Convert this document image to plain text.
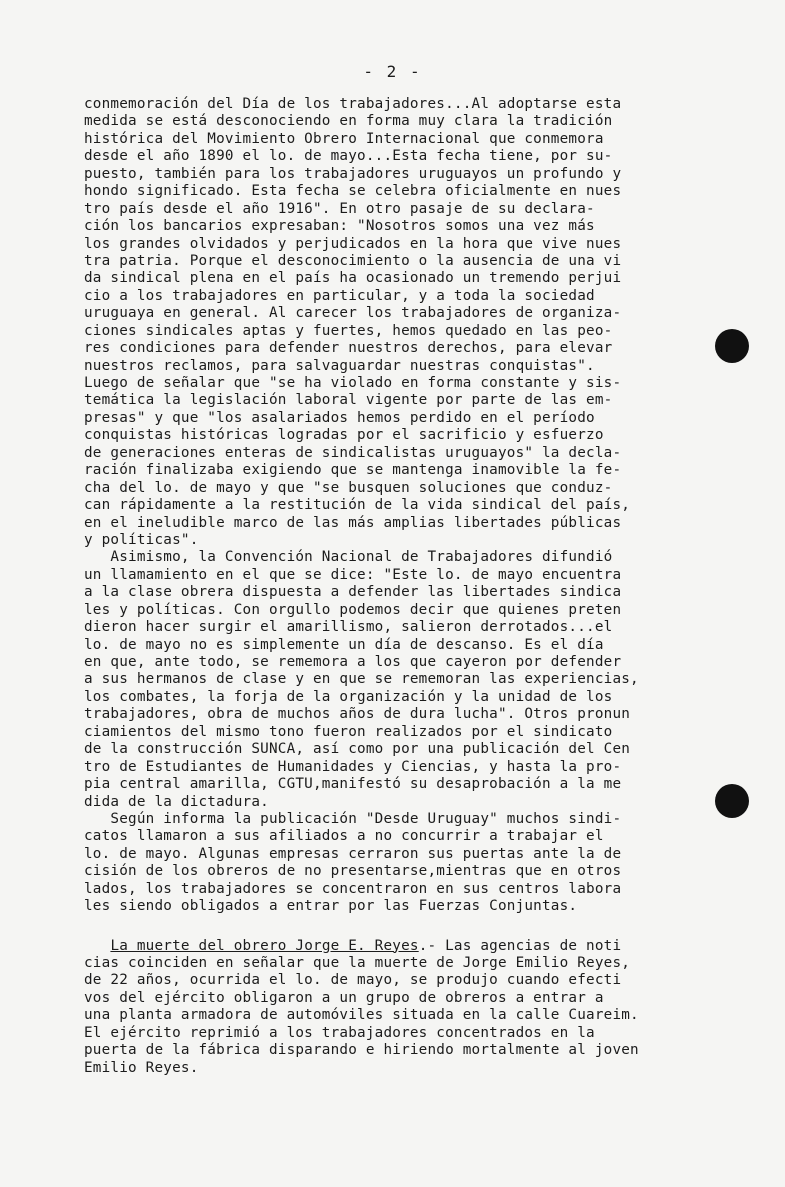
- 2 -
conmemoración del Día de los trabajadores...Al adoptarse esta
medida se está desconociendo en forma muy clara la tradición
histórica del Movimiento Obrero Internacional que conmemora
desde el año 1890 el lo. de mayo...Esta fecha tiene, por su-
puesto, también para los trabajadores uruguayos un profundo y
hondo significado. Esta fecha se celebra oficialmente en nues
tro país desde el año 1916". En otro pasaje de su declara-
ción los bancarios expresaban: "Nosotros somos una vez más
los grandes olvidados y perjudicados en la hora que vive nues
tra patria. Porque el desconocimiento o la ausencia de una vi
da sindical plena en el país ha ocasionado un tremendo perjui
cio a los trabajadores en particular, y a toda la sociedad
uruguaya en general. Al carecer los trabajadores de organiza-
ciones sindicales aptas y fuertes, hemos quedado en las peo-
res condiciones para defender nuestros derechos, para elevar
nuestros reclamos, para salvaguardar nuestras conquistas".
Luego de señalar que "se ha violado en forma constante y sis-
temática la legislación laboral vigente por parte de las em-
presas" y que "los asalariados hemos perdido en el período
conquistas históricas logradas por el sacrificio y esfuerzo
de generaciones enteras de sindicalistas uruguayos" la decla-
ración finalizaba exigiendo que se mantenga inamovible la fe-
cha del lo. de mayo y que "se busquen soluciones que conduz-
can rápidamente a la restitución de la vida sindical del país,
en el ineludible marco de las más amplias libertades públicas
y políticas".
Asimismo, la Convención Nacional de Trabajadores difundió
un llamamiento en el que se dice: "Este lo. de mayo encuentra
a la clase obrera dispuesta a defender las libertades sindica
les y políticas. Con orgullo podemos decir que quienes preten
dieron hacer surgir el amarillismo, salieron derrotados...el
lo. de mayo no es simplemente un día de descanso. Es el día
en que, ante todo, se rememora a los que cayeron por defender
a sus hermanos de clase y en que se rememoran las experiencias,
los combates, la forja de la organización y la unidad de los
trabajadores, obra de muchos años de dura lucha". Otros pronun
ciamientos del mismo tono fueron realizados por el sindicato
de la construcción SUNCA, así como por una publicación del Cen
tro de Estudiantes de Humanidades y Ciencias, y hasta la pro-
pia central amarilla, CGTU,manifestó su desaprobación a la me
dida de la dictadura.
Según informa la publicación "Desde Uruguay" muchos sindi-
catos llamaron a sus afiliados a no concurrir a trabajar el
lo. de mayo. Algunas empresas cerraron sus puertas ante la de
cisión de los obreros de no presentarse,mientras que en otros
lados, los trabajadores se concentraron en sus centros labora
les siendo obligados a entrar por las Fuerzas Conjuntas.
La muerte del obrero Jorge E. Reyes.- Las agencias de noti
cias coinciden en señalar que la muerte de Jorge Emilio Reyes,
de 22 años, ocurrida el lo. de mayo, se produjo cuando efecti
vos del ejército obligaron a un grupo de obreros a entrar a
una planta armadora de automóviles situada en la calle Cuareim.
El ejército reprimió a los trabajadores concentrados en la
puerta de la fábrica disparando e hiriendo mortalmente al joven
Emilio Reyes.
